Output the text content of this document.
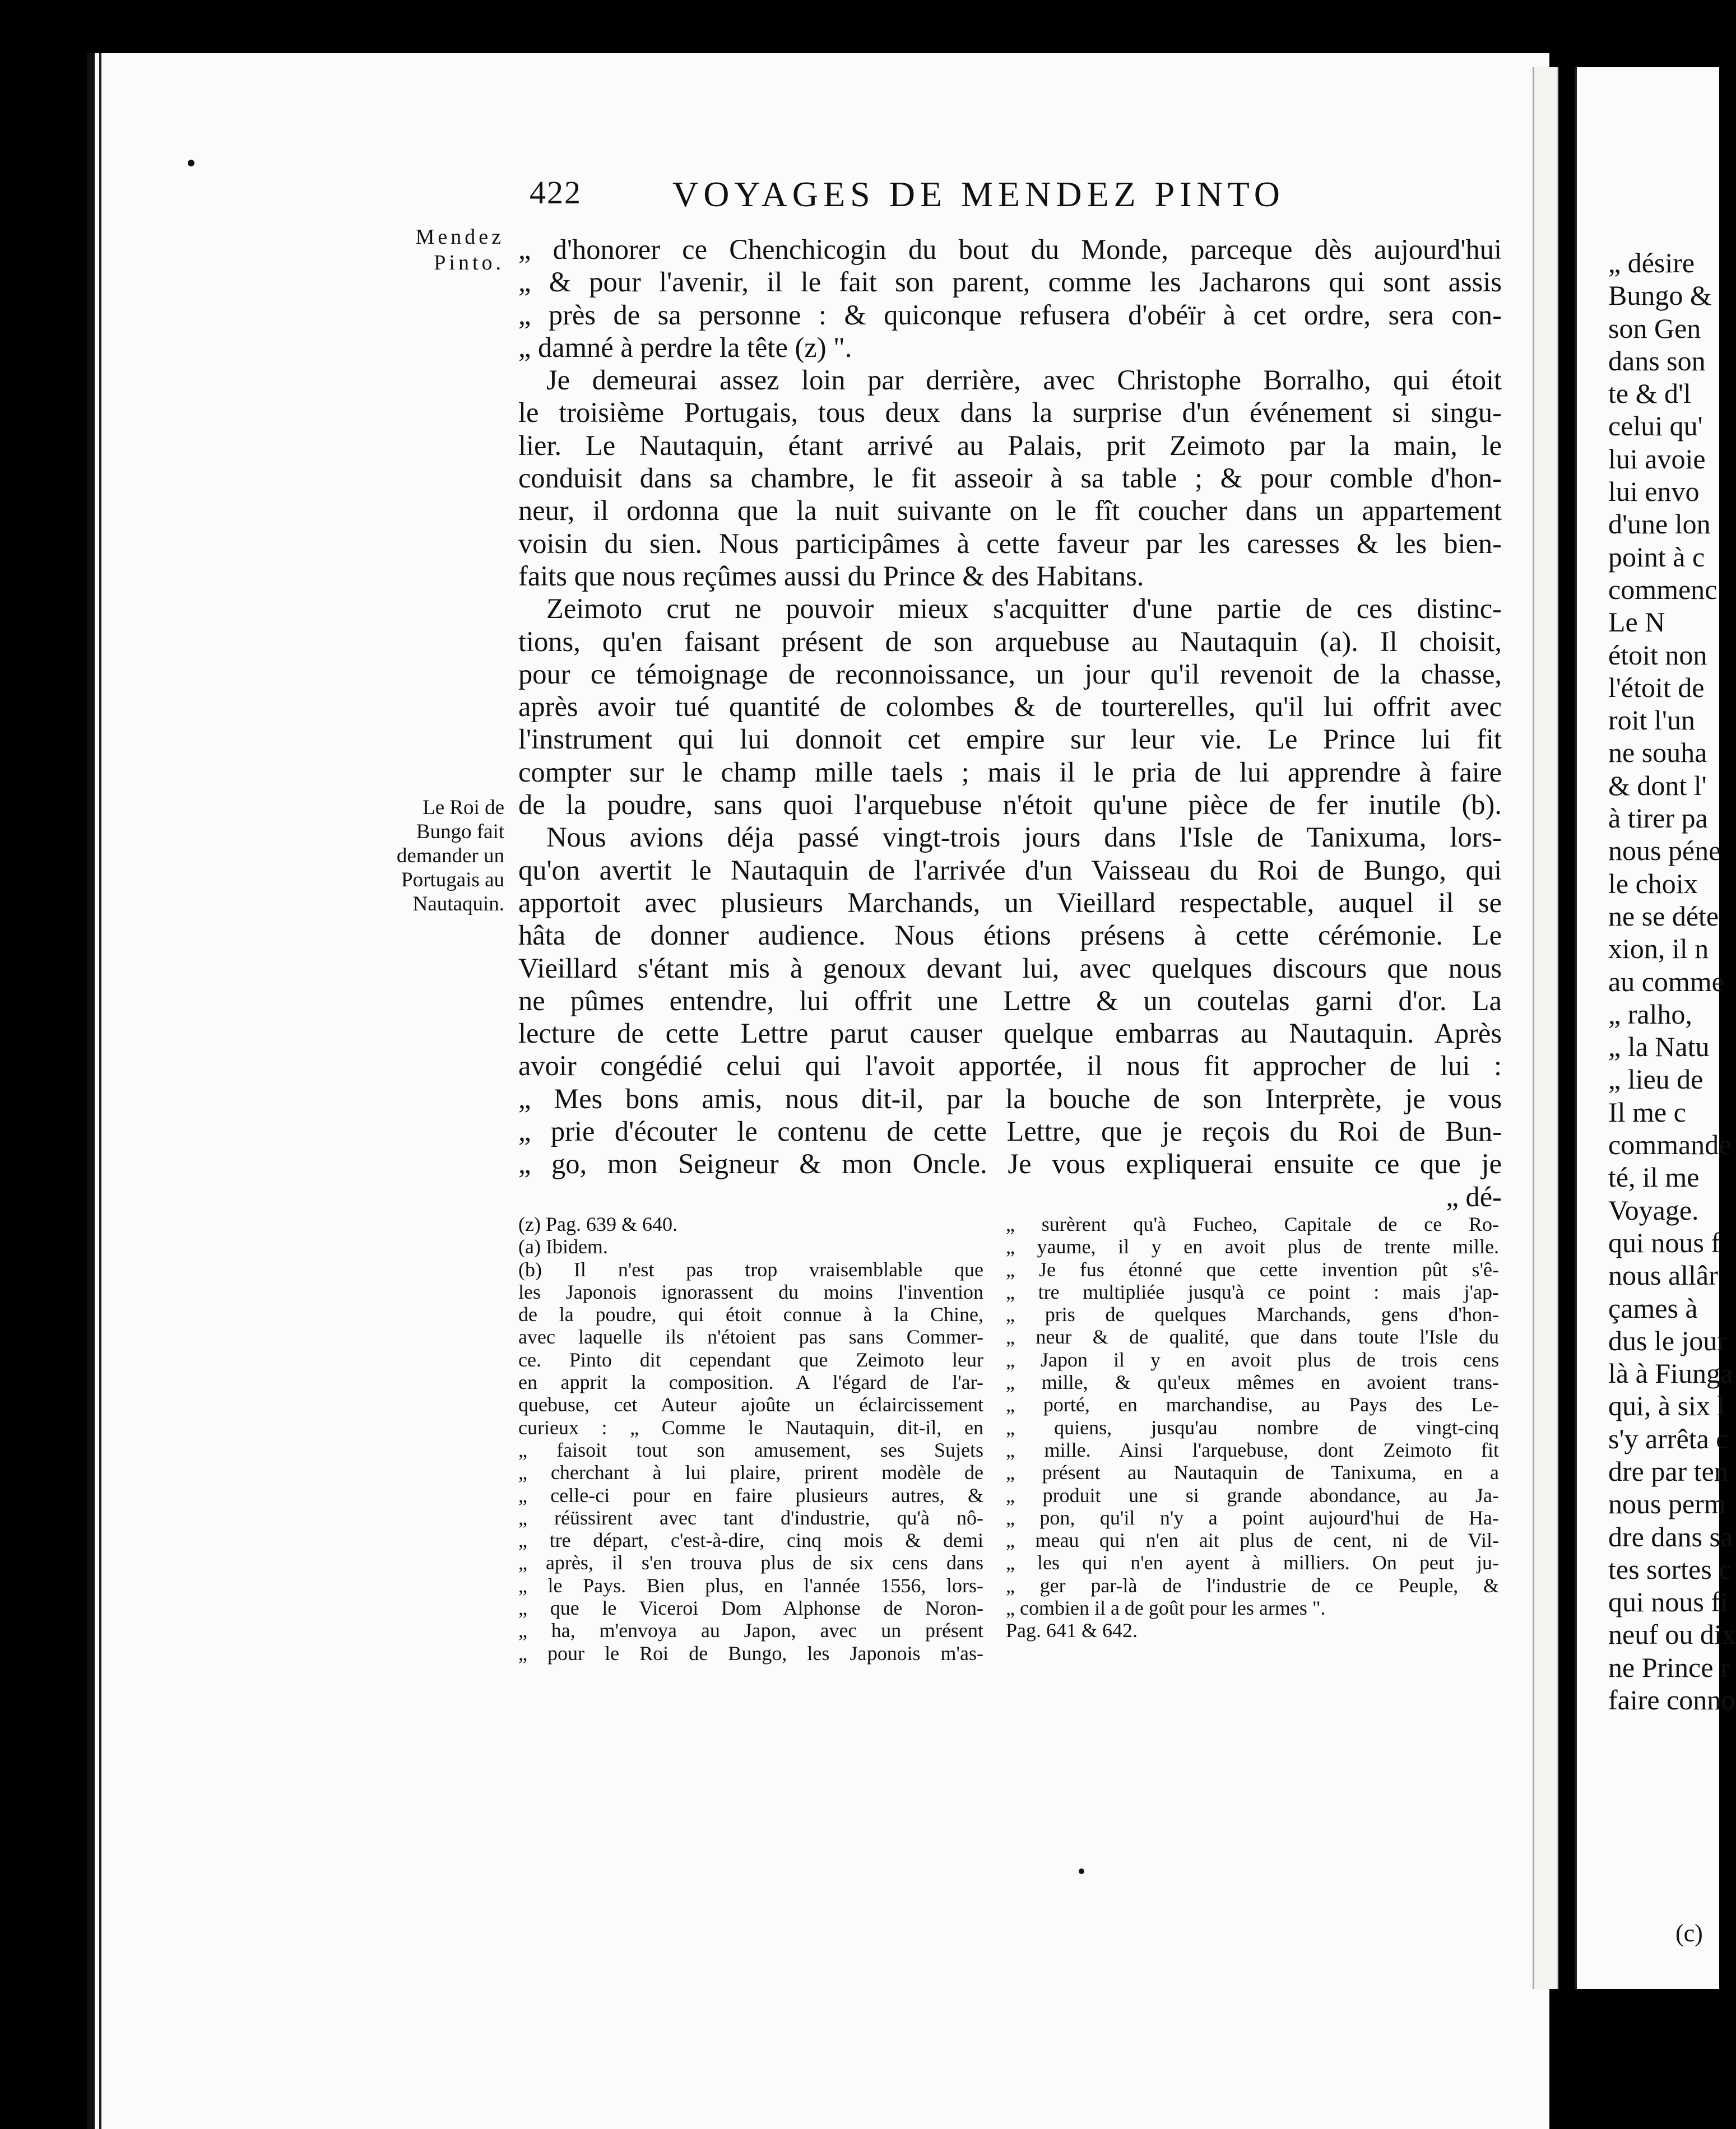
422	VOYAGES DE MENDEZ PINTO
Mendez
Pinto.
Le Roi de
Bungo fait
demander un
Portugais au
Nautaquin.
„ d'honorer ce Chenchicogin du bout du Monde, parceque dès aujourd'hui
„ & pour l'avenir, il le fait son parent, comme les Jacharons qui sont assis
„ près de sa personne : & quiconque refusera d'obéïr à cet ordre, sera con-
„ damné à perdre la tête (z) ".
Je demeurai assez loin par derrière, avec Christophe Borralho, qui étoit
le troisième Portugais, tous deux dans la surprise d'un événement si singu-
lier. Le Nautaquin, étant arrivé au Palais, prit Zeimoto par la main, le
conduisit dans sa chambre, le fit asseoir à sa table ; & pour comble d'hon-
neur, il ordonna que la nuit suivante on le fît coucher dans un appartement
voisin du sien. Nous participâmes à cette faveur par les caresses & les bien-
faits que nous reçûmes aussi du Prince & des Habitans.
Zeimoto crut ne pouvoir mieux s'acquitter d'une partie de ces distinc-
tions, qu'en faisant présent de son arquebuse au Nautaquin (a). Il choisit,
pour ce témoignage de reconnoissance, un jour qu'il revenoit de la chasse,
après avoir tué quantité de colombes & de tourterelles, qu'il lui offrit avec
l'instrument qui lui donnoit cet empire sur leur vie. Le Prince lui fit
compter sur le champ mille taels ; mais il le pria de lui apprendre à faire
de la poudre, sans quoi l'arquebuse n'étoit qu'une pièce de fer inutile (b).
Nous avions déja passé vingt-trois jours dans l'Isle de Tanixuma, lors-
qu'on avertit le Nautaquin de l'arrivée d'un Vaisseau du Roi de Bungo, qui
apportoit avec plusieurs Marchands, un Vieillard respectable, auquel il se
hâta de donner audience. Nous étions présens à cette cérémonie. Le
Vieillard s'étant mis à genoux devant lui, avec quelques discours que nous
ne pûmes entendre, lui offrit une Lettre & un coutelas garni d'or. La
lecture de cette Lettre parut causer quelque embarras au Nautaquin. Après
avoir congédié celui qui l'avoit apportée, il nous fit approcher de lui :
„ Mes bons amis, nous dit-il, par la bouche de son Interprète, je vous
„ prie d'écouter le contenu de cette Lettre, que je reçois du Roi de Bun-
„ go, mon Seigneur & mon Oncle. Je vous expliquerai ensuite ce que je
„ dé-
(z) Pag. 639 & 640.
(a) Ibidem.
(b) Il n'est pas trop vraisemblable que
les Japonois ignorassent du moins l'invention
de la poudre, qui étoit connue à la Chine,
avec laquelle ils n'étoient pas sans Commer-
ce. Pinto dit cependant que Zeimoto leur
en apprit la composition. A l'égard de l'ar-
quebuse, cet Auteur ajoûte un éclaircissement
curieux : „ Comme le Nautaquin, dit-il, en
„ faisoit tout son amusement, ses Sujets
„ cherchant à lui plaire, prirent modèle de
„ celle-ci pour en faire plusieurs autres, &
„ réüssirent avec tant d'industrie, qu'à nô-
„ tre départ, c'est-à-dire, cinq mois & demi
„ après, il s'en trouva plus de six cens dans
„ le Pays. Bien plus, en l'année 1556, lors-
„ que le Viceroi Dom Alphonse de Noron-
„ ha, m'envoya au Japon, avec un présent
„ pour le Roi de Bungo, les Japonois m'as-
„ surèrent qu'à Fucheo, Capitale de ce Ro-
„ yaume, il y en avoit plus de trente mille.
„ Je fus étonné que cette invention pût s'ê-
„ tre multipliée jusqu'à ce point : mais j'ap-
„ pris de quelques Marchands, gens d'hon-
„ neur & de qualité, que dans toute l'Isle du
„ Japon il y en avoit plus de trois cens
„ mille, & qu'eux mêmes en avoient trans-
„ porté, en marchandise, au Pays des Le-
„ quiens, jusqu'au nombre de vingt-cinq
„ mille. Ainsi l'arquebuse, dont Zeimoto fit
„ présent au Nautaquin de Tanixuma, en a
„ produit une si grande abondance, au Ja-
„ pon, qu'il n'y a point aujourd'hui de Ha-
„ meau qui n'en ait plus de cent, ni de Vil-
„ les qui n'en ayent à milliers. On peut ju-
„ ger par-là de l'industrie de ce Peuple, &
„ combien il a de goût pour les armes ".
Pag. 641 & 642.
„ désire
Bungo &
son Gen
dans son
te & d'l
celui qu'
lui avoie
lui envo
d'une lon
point à c
commenc
Le N
étoit non
l'étoit de
roit l'un
ne souha
& dont l'
à tirer pa
nous péne
le choix
ne se déte
xion, il n
au comme
„ ralho,
„ la Natu
„ lieu de
Il me c
commande
té, il me
Voyage.
qui nous f
nous allâr
çames à
dus le jour
là à Fiunga
qui, à six l
s'y arrêta c
dre par ten
nous perm
dre dans sa
tes sortes c
qui nous fi
neuf ou dix
ne Prince r
faire conno
(c)
